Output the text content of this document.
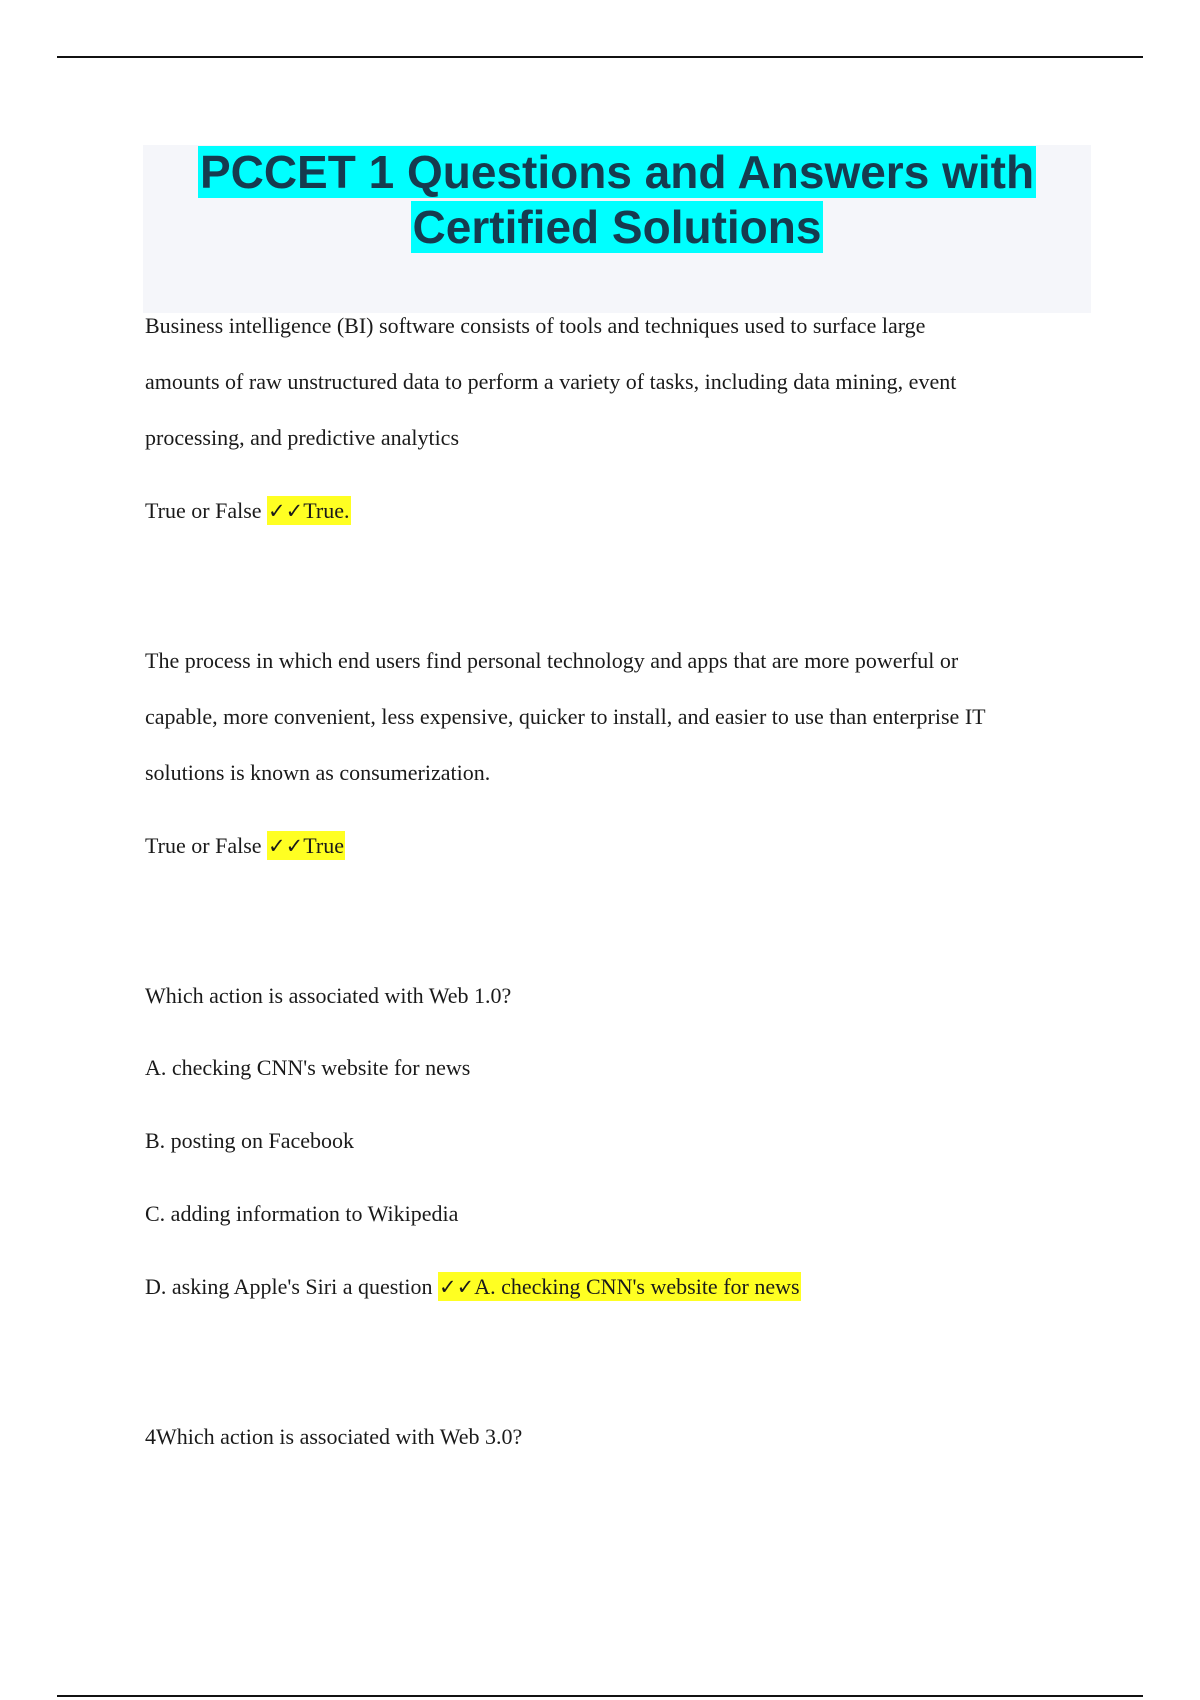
PCCET 1 Questions and Answers with
Certified Solutions
Business intelligence (BI) software consists of tools and techniques used to surface large
amounts of raw unstructured data to perform a variety of tasks, including data mining, event
processing, and predictive analytics
True or False ✓✓True.
The process in which end users find personal technology and apps that are more powerful or
capable, more convenient, less expensive, quicker to install, and easier to use than enterprise IT
solutions is known as consumerization.
True or False ✓✓True
Which action is associated with Web 1.0?
A. checking CNN's website for news
B. posting on Facebook
C. adding information to Wikipedia
D. asking Apple's Siri a question ✓✓A. checking CNN's website for news
4Which action is associated with Web 3.0?
